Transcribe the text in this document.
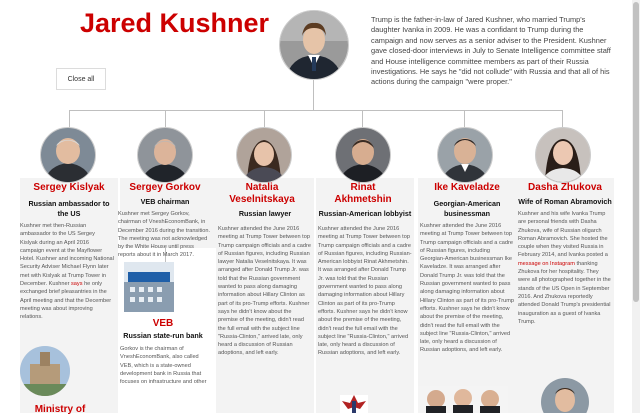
Jared Kushner
Close all

Trump is the father-in-law of Jared Kushner, who married Trump's daughter Ivanka in 2009. He was a confidant to Trump during the campaign and now serves as a senior adviser to the President. Kushner gave closed-door interviews in July to Senate Intelligence committee staff and House intelligence committee members as part of their Russia investigations. He says he "did not collude" with Russia and that all of his actions during the campaign "were proper."

Sergey Kislyak	Sergey Gorkov	Natalia Veselnitskaya
Rinat Akhmetshin
Ike Kaveladze	Dasha Zhukova
Russian ambassador to the US
VEB chairman
Russian lawyer	Russian-American lobbyist
Georgian-American businessman
Wife of Roman Abramovich

Kushner met then-Russian ambassador to the US Sergey Kislyak during an April 2016 campaign event at the Mayflower Hotel. Kushner and incoming National Security Adviser Michael Flynn later met with Kislyak at Trump Tower in December. Kushner says he only exchanged brief pleasantries in the April meeting and that the December meeting was about improving relations.

Kushner met Sergey Gorkov, chairman of VneshEconomBank, in December 2016 during the transition. The meeting was not acknowledged by the White House until press reports about it in March 2017.

Kushner attended the June 2016 meeting at Trump Tower between top Trump campaign officials and a cadre of Russian figures, including Russian lawyer Natalia Veselnitskaya. It was arranged after Donald Trump Jr. was told that the Russian government wanted to pass along damaging information about Hillary Clinton as part of its pro-Trump efforts. Kushner says he didn't know about the premise of the meeting, didn't read the full email with the subject line "Russia-Clinton," arrived late, only heard a discussion of Russian adoptions, and left early.

Kushner attended the June 2016 meeting at Trump Tower between top Trump campaign officials and a cadre of Russian figures, including Russian-American lobbyist Rinat Akhmetshin. It was arranged after Donald Trump Jr. was told that the Russian government wanted to pass along damaging information about Hillary Clinton as part of its pro-Trump efforts. Kushner says he didn't know about the premise of the meeting, didn't read the full email with the subject line "Russia-Clinton," arrived late, only heard a discussion of Russian adoptions, and left early.

Kushner attended the June 2016 meeting at Trump Tower between top Trump campaign officials and a cadre of Russian figures, including Georgian-American businessman Ike Kaveladze. It was arranged after Donald Trump Jr. was told that the Russian government wanted to pass along damaging information about Hillary Clinton as part of its pro-Trump efforts. Kushner says he didn't know about the premise of the meeting, didn't read the full email with the subject line "Russia-Clinton," arrived late, only heard a discussion of Russian adoptions, and left early.

Kushner and his wife Ivanka Trump are personal friends with Dasha Zhukova, wife of Russian oligarch Roman Abramovich. She hosted the couple when they visited Russia in February 2014, and Ivanka posted a message on Instagram thanking Zhukova for her hospitality. They were all photographed together in the stands of the US Open in September 2016. And Zhukova reportedly attended Donald Trump's presidential inauguration as a guest of Ivanka Trump.

VEB
Russian state-run bank

Gorkov is the chairman of VneshEconomBank, also called VEB, which is a state-owned development bank in Russia that focuses on infrastructure and other

Ministry of
